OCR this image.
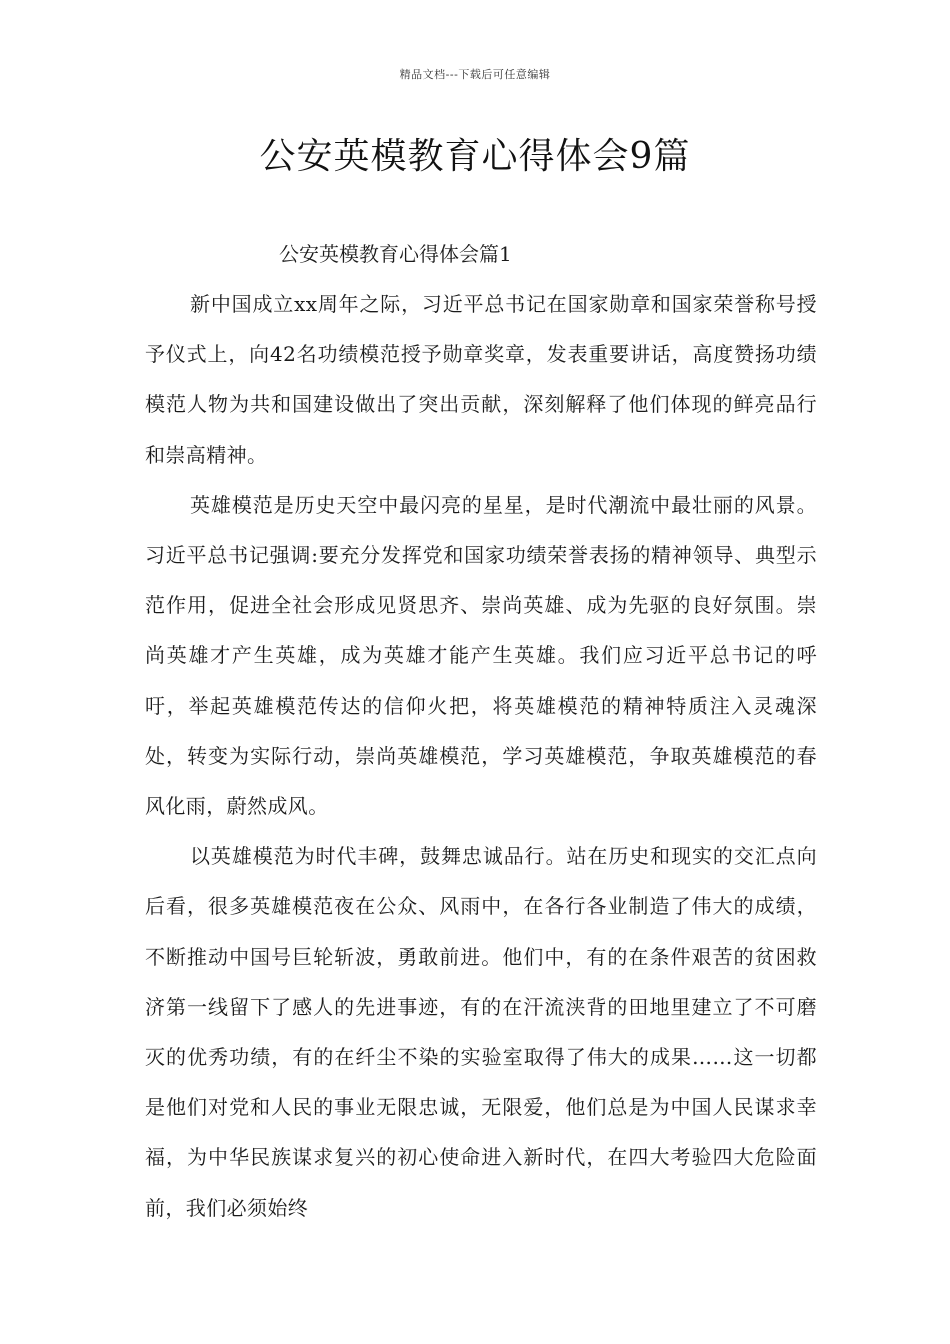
精品文档---下载后可任意编辑
公安英模教育心得体会9篇

公安英模教育心得体会篇1

新中国成立xx周年之际，习近平总书记在国家勋章和国家荣誉称号授予仪式上，向42名功绩模范授予勋章奖章，发表重要讲话，高度赞扬功绩模范人物为共和国建设做出了突出贡献，深刻解释了他们体现的鲜亮品行和崇高精神。

英雄模范是历史天空中最闪亮的星星，是时代潮流中最壮丽的风景。习近平总书记强调:要充分发挥党和国家功绩荣誉表扬的精神领导、典型示范作用，促进全社会形成见贤思齐、崇尚英雄、成为先驱的良好氛围。崇尚英雄才产生英雄，成为英雄才能产生英雄。我们应习近平总书记的呼吁，举起英雄模范传达的信仰火把，将英雄模范的精神特质注入灵魂深处，转变为实际行动，崇尚英雄模范，学习英雄模范，争取英雄模范的春风化雨，蔚然成风。

以英雄模范为时代丰碑，鼓舞忠诚品行。站在历史和现实的交汇点向后看，很多英雄模范夜在公众、风雨中，在各行各业制造了伟大的成绩，不断推动中国号巨轮斩波，勇敢前进。他们中，有的在条件艰苦的贫困救济第一线留下了感人的先进事迹，有的在汗流浃背的田地里建立了不可磨灭的优秀功绩，有的在纤尘不染的实验室取得了伟大的成果……这一切都是他们对党和人民的事业无限忠诚，无限爱，他们总是为中国人民谋求幸福，为中华民族谋求复兴的初心使命进入新时代，在四大考验四大危险面前，我们必须始终
